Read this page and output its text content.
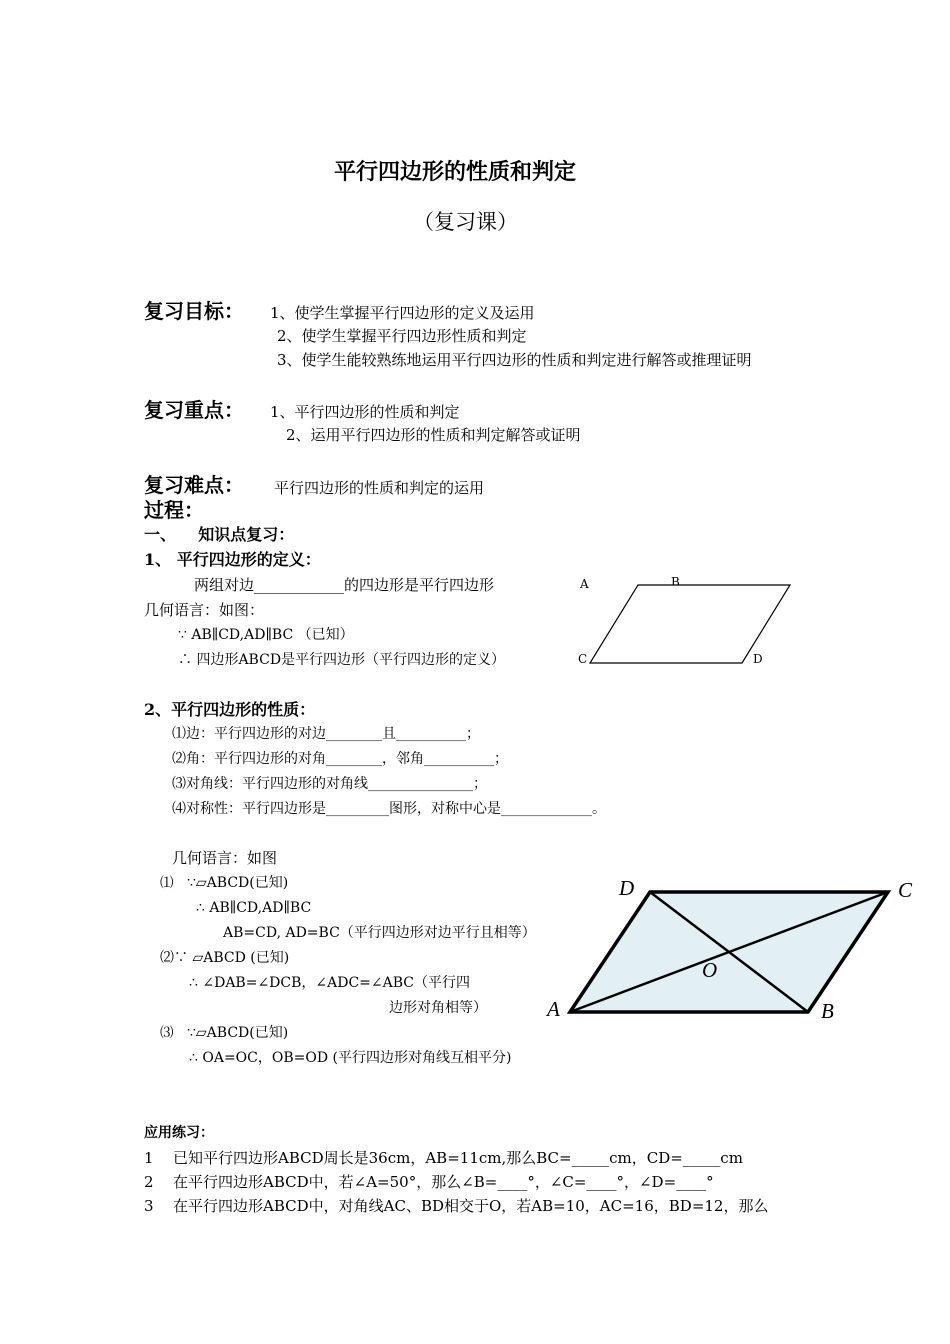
平行四边形的性质和判定
（复习课）
复习目标： 1、使学生掌握平行四边形的定义及运用
2、使学生掌握平行四边形性质和判定
3、使学生能较熟练地运用平行四边形的性质和判定进行解答或推理证明
复习重点： 1、平行四边形的性质和判定
2、运用平行四边形的性质和判定解答或证明
复习难点： 平行四边形的性质和判定的运用
过程：
一、    知识点复习：
1、 平行四边形的定义：
两组对边____________的四边形是平行四边形
几何语言：如图：
∵ AB∥CD,AD∥BC （已知）
∴ 四边形ABCD是平行四边形（平行四边形的定义）
A	B
C	D
2、平行四边形的性质：
⑴边：平行四边形的对边________且__________；
⑵角：平行四边形的对角________，邻角__________；
⑶对角线：平行四边形的对角线_______________；
⑷对称性：平行四边形是_________图形，对称中心是_____________。
几何语言：如图
⑴ ∵▱ABCD(已知)
∴ AB∥CD,AD∥BC
AB=CD, AD=BC（平行四边形对边平行且相等）
⑵∵ ▱ABCD (已知)
∴ ∠DAB=∠DCB，∠ADC=∠ABC（平行四
边形对角相等）
⑶ ∵▱ABCD(已知)
∴ OA=OC，OB=OD (平行四边形对角线互相平分)
D	C
O
A	B
应用练习：
1 已知平行四边形ABCD周长是36cm，AB=11cm,那么BC=_____cm，CD=_____cm
2 在平行四边形ABCD中，若∠A=50°，那么∠B=____°，∠C=____°，∠D=____°
3 在平行四边形ABCD中，对角线AC、BD相交于O，若AB=10，AC=16，BD=12，那么
